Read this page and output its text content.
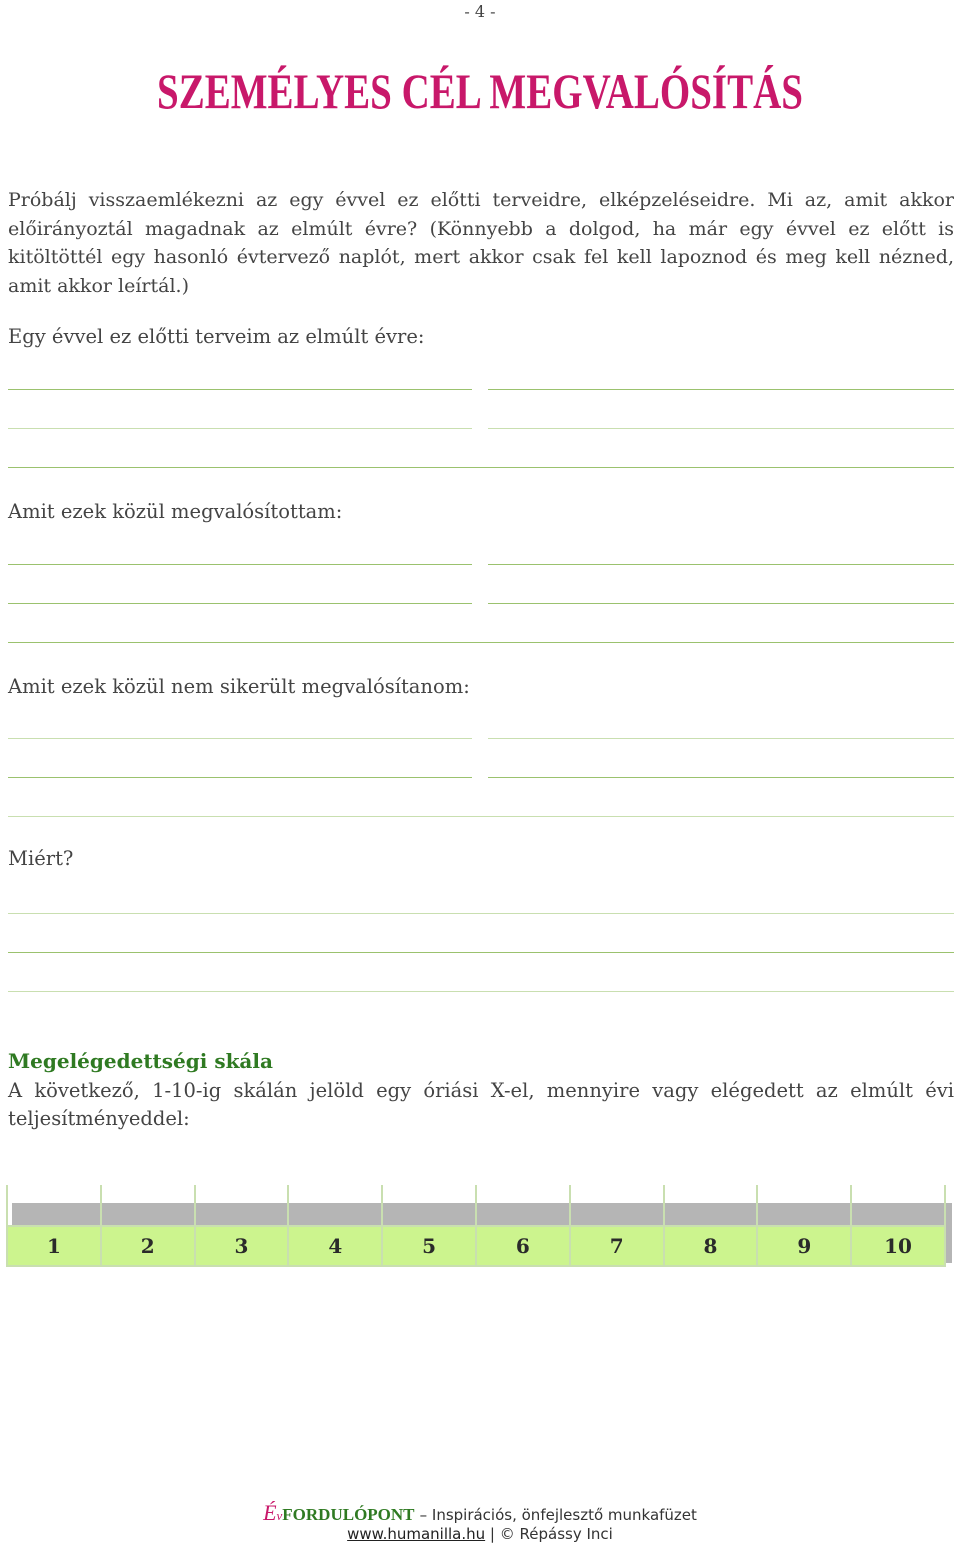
- 4 -
SZEMÉLYES CÉL MEGVALÓSÍTÁS
Próbálj visszaemlékezni az egy évvel ez előtti terveidre, elképzeléseidre. Mi az, amit akkor előirányoztál magadnak az elmúlt évre? (Könnyebb a dolgod, ha már egy évvel ez előtt is kitöltöttél egy hasonló évtervező naplót, mert akkor csak fel kell lapoznod és meg kell nézned, amit akkor leírtál.)
Egy évvel ez előtti terveim az elmúlt évre:
Amit ezek közül megvalósítottam:
Amit ezek közül nem sikerült megvalósítanom:
Miért?
Megelégedettségi skála
A következő, 1-10-ig skálán jelöld egy óriási X-el, mennyire vagy elégedett az elmúlt évi teljesítményeddel:
1	2	3	4	5	6	7	8	9	10
ÉvFORDULÓPONT – Inspirációs, önfejlesztő munkafüzet
www.humanilla.hu | © Répássy Inci
